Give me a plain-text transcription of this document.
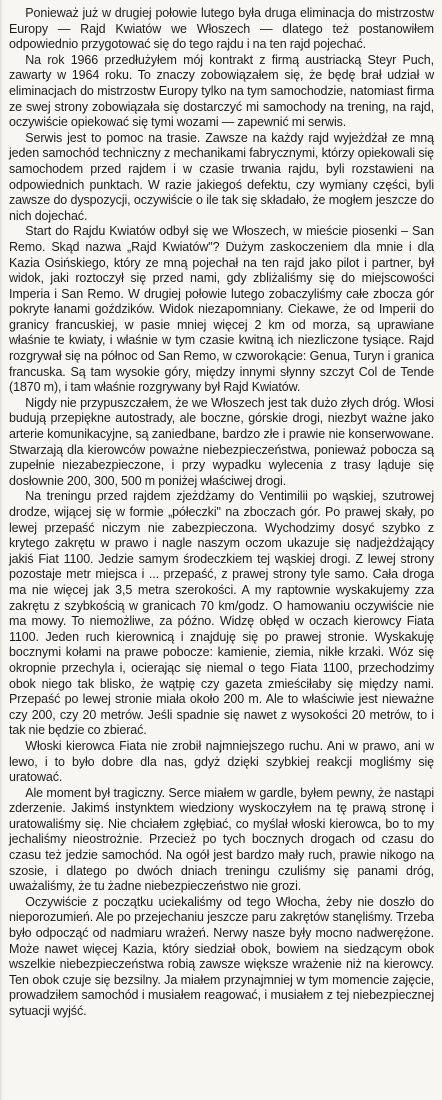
Ponieważ już w drugiej połowie lutego była druga eliminacja do mistrzostw Europy — Rajd Kwiatów we Włoszech — dlatego też postanowiłem odpowiednio przygotować się do tego rajdu i na ten rajd pojechać.

Na rok 1966 przedłużyłem mój kontrakt z firmą austriacką Steyr Puch, zawarty w 1964 roku. To znaczy zobowiązałem się, że będę brał udział w eliminacjach do mistrzostw Europy tylko na tym samochodzie, natomiast firma ze swej strony zobowiązała się dostarczyć mi samochody na trening, na rajd, oczywiście opiekować się tymi wozami — zapewnić mi serwis.

Serwis jest to pomoc na trasie. Zawsze na każdy rajd wyjeżdżał ze mną jeden samochód techniczny z mechanikami fabrycznymi, którzy opiekowali się samochodem przed rajdem i w czasie trwania rajdu, byli rozstawieni na odpowiednich punktach. W razie jakiegoś defektu, czy wymiany części, byli zawsze do dyspozycji, oczywiście o ile tak się składało, że mogłem jeszcze do nich dojechać.

Start do Rajdu Kwiatów odbył się we Włoszech, w mieście piosenki – San Remo. Skąd nazwa „Rajd Kwiatów"? Dużym zaskoczeniem dla mnie i dla Kazia Osińskiego, który ze mną pojechał na ten rajd jako pilot i partner, był widok, jaki roztoczył się przed nami, gdy zbliżaliśmy się do miejscowości Imperia i San Remo. W drugiej połowie lutego zobaczyliśmy całe zbocza gór pokryte łanami goździków. Widok niezapomniany. Ciekawe, że od Imperii do granicy francuskiej, w pasie mniej więcej 2 km od morza, są uprawiane właśnie te kwiaty, i właśnie w tym czasie kwitną ich niezliczone tysiące. Rajd rozgrywał się na północ od San Remo, w czworokącie: Genua, Turyn i granica francuska. Są tam wysokie góry, między innymi słynny szczyt Col de Tende (1870 m), i tam właśnie rozgrywany był Rajd Kwiatów.

Nigdy nie przypuszczałem, że we Włoszech jest tak dużo złych dróg. Włosi budują przepiękne autostrady, ale boczne, górskie drogi, niezbyt ważne jako arterie komunikacyjne, są zaniedbane, bardzo złe i prawie nie konserwowane. Stwarzają dla kierowców poważne niebezpieczeństwa, ponieważ pobocza są zupełnie niezabezpieczone, i przy wypadku wylecenia z trasy lądujе się dosłownie 200, 300, 500 m poniżej właściwej drogi.

Na treningu przed rajdem zjeżdżamy do Ventimilii po wąskiej, szutrowej drodze, wijącej się w formie „półeczki" na zboczach gór. Po prawej skały, po lewej przepaść niczym nie zabezpieczona. Wychodzimy dosyć szybko z krytego zakrętu w prawo i nagle naszym oczom ukazuje się nadjeżdżający jakiś Fiat 1100. Jedzie samym środeczkiem tej wąskiej drogi. Z lewej strony pozostaje metr miejsca i ... przepaść, z prawej strony tyle samo. Cała droga ma nie więcej jak 3,5 metra szerokości. A my raptownie wyskakujemy zza zakrętu z szybkością w granicach 70 km/godz. O hamowaniu oczywiście nie ma mowy. To niemożliwe, za późno. Widzę obłęd w oczach kierowcy Fiata 1100. Jeden ruch kierownicą i znajduję się po prawej stronie. Wyskakuję bocznymi kołami na prawe pobocze: kamienie, ziemia, nikłe krzaki. Wóz się okropnie przechyla i, ocierając się niemal o tego Fiata 1100, przechodzimy obok niego tak blisko, że wątpię czy gazeta zmieściłaby się między nami. Przepaść po lewej stronie miała około 200 m. Ale to właściwie jest nieważne czy 200, czy 20 metrów. Jeśli spadnie się nawet z wysokości 20 metrów, to i tak nie będzie co zbierać.

Włoski kierowca Fiata nie zrobił najmniejszego ruchu. Ani w prawo, ani w lewo, i to było dobre dla nas, gdyż dzięki szybkiej reakcji mogliśmy się uratować.

Ale moment był tragiczny. Serce miałem w gardle, byłem pewny, że nastąpi zderzenie. Jakimś instynktem wiedziony wyskoczyłem na tę prawą stronę i uratowaliśmy się. Nie chciałem zgłębiać, co myślał włoski kierowca, bo to my jechaliśmy nieostrożnie. Przecież po tych bocznych drogach od czasu do czasu też jedzie samochód. Na ogół jest bardzo mały ruch, prawie nikogo na szosie, i dlatego po dwóch dniach treningu czuliśmy się panami dróg, uważaliśmy, że tu żadne niebezpieczeństwo nie grozi.

Oczywiście z początku uciekaliśmy od tego Włocha, żeby nie doszło do nieporozumień. Ale po przejechaniu jeszcze paru zakrętów stanęliśmy. Trzeba było odpocząć od nadmiaru wrażeń. Nerwy nasze były mocno nadwerężone. Może nawet więcej Kazia, który siedział obok, bowiem na siedzącym obok wszelkie niebezpieczeństwa robią zawsze większe wrażenie niż na kierowcy. Ten obok czuje się bezsilny. Ja miałem przynajmniej w tym momencie zajęcie, prowadziłem samochód i musiałem reagować, i musiałem z tej niebezpiecznej sytuacji wyjść.
